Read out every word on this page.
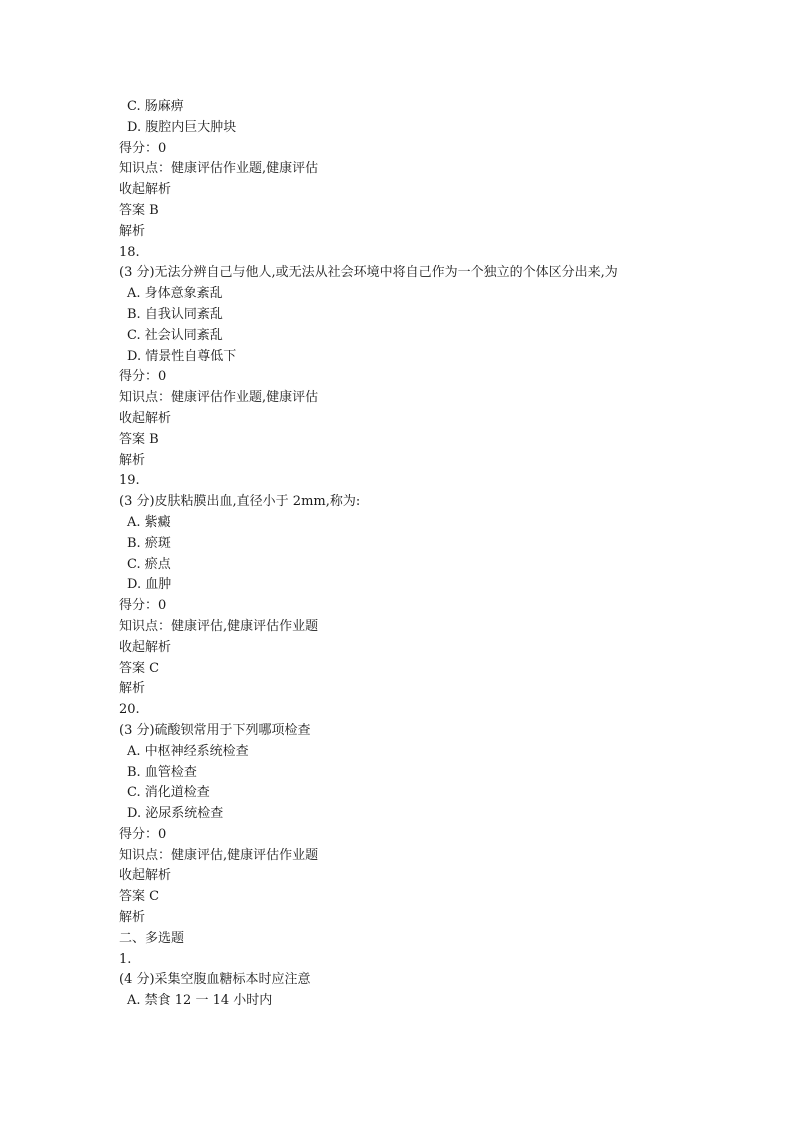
C. 肠麻痹
D. 腹腔内巨大肿块
得分：0
知识点：健康评估作业题,健康评估
收起解析
答案 B
解析
18.
(3 分)无法分辨自己与他人,或无法从社会环境中将自己作为一个独立的个体区分出来,为
A. 身体意象紊乱
B. 自我认同紊乱
C. 社会认同紊乱
D. 情景性自尊低下
得分：0
知识点：健康评估作业题,健康评估
收起解析
答案 B
解析
19.
(3 分)皮肤粘膜出血,直径小于 2mm,称为:
A. 紫癜
B. 瘀斑
C. 瘀点
D. 血肿
得分：0
知识点：健康评估,健康评估作业题
收起解析
答案 C
解析
20.
(3 分)硫酸钡常用于下列哪项检查
A. 中枢神经系统检查
B. 血管检查
C. 消化道检查
D. 泌尿系统检查
得分：0
知识点：健康评估,健康评估作业题
收起解析
答案 C
解析
二、多选题
1.
(4 分)采集空腹血糖标本时应注意
A. 禁食 12 一 14 小时内
